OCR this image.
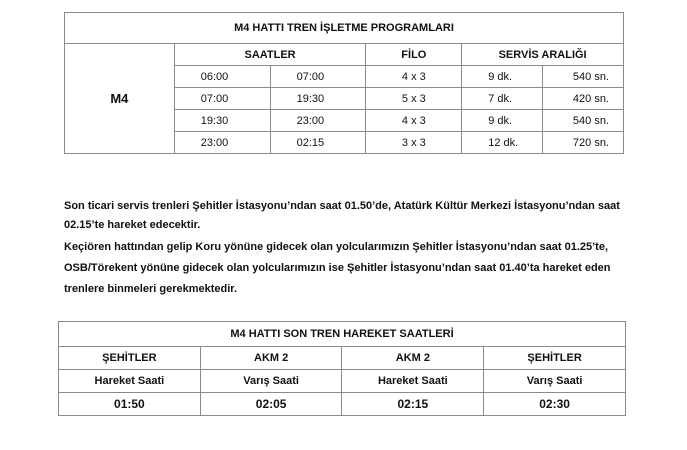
M4 HATTI TREN İŞLETME PROGRAMLARI					
M4	SAATLER		FİLO	SERVİS ARALIĞI	
	06:00	07:00	4 x 3	9 dk.	540 sn.
	07:00	19:30	5 x 3	7 dk.	420 sn.
	19:30	23:00	4 x 3	9 dk.	540 sn.
	23:00	02:15	3 x 3	12 dk.	720 sn.
Son ticari servis trenleri Şehitler İstasyonu’ndan saat 01.50’de, Atatürk Kültür Merkezi İstasyonu’ndan saat 02.15’te hareket edecektir.
Keçiören hattından gelip Koru yönüne gidecek olan yolcularımızın Şehitler İstasyonu’ndan saat 01.25’te, OSB/Törekent yönüne gidecek olan yolcularımızın ise Şehitler İstasyonu’ndan saat 01.40’ta hareket eden trenlere binmeleri gerekmektedir.
M4 HATTI SON TREN HAREKET SAATLERİ			
ŞEHİTLER	AKM 2	AKM 2	ŞEHİTLER
Hareket Saati	Varış Saati	Hareket Saati	Varış Saati
01:50	02:05	02:15	02:30
